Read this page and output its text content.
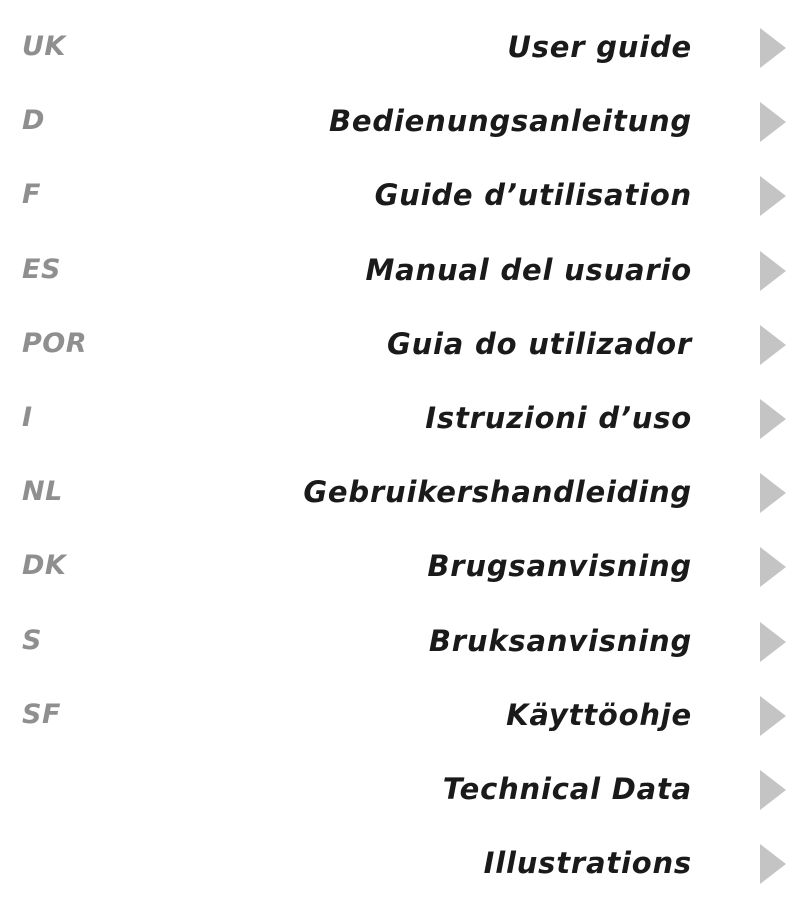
UK	User guide
D	Bedienungsanleitung
F	Guide d’utilisation
ES	Manual del usuario
POR	Guia do utilizador
I	Istruzioni d’uso
NL	Gebruikershandleiding
DK	Brugsanvisning
S	Bruksanvisning
SF	Käyttöohje
Technical Data
Illustrations
